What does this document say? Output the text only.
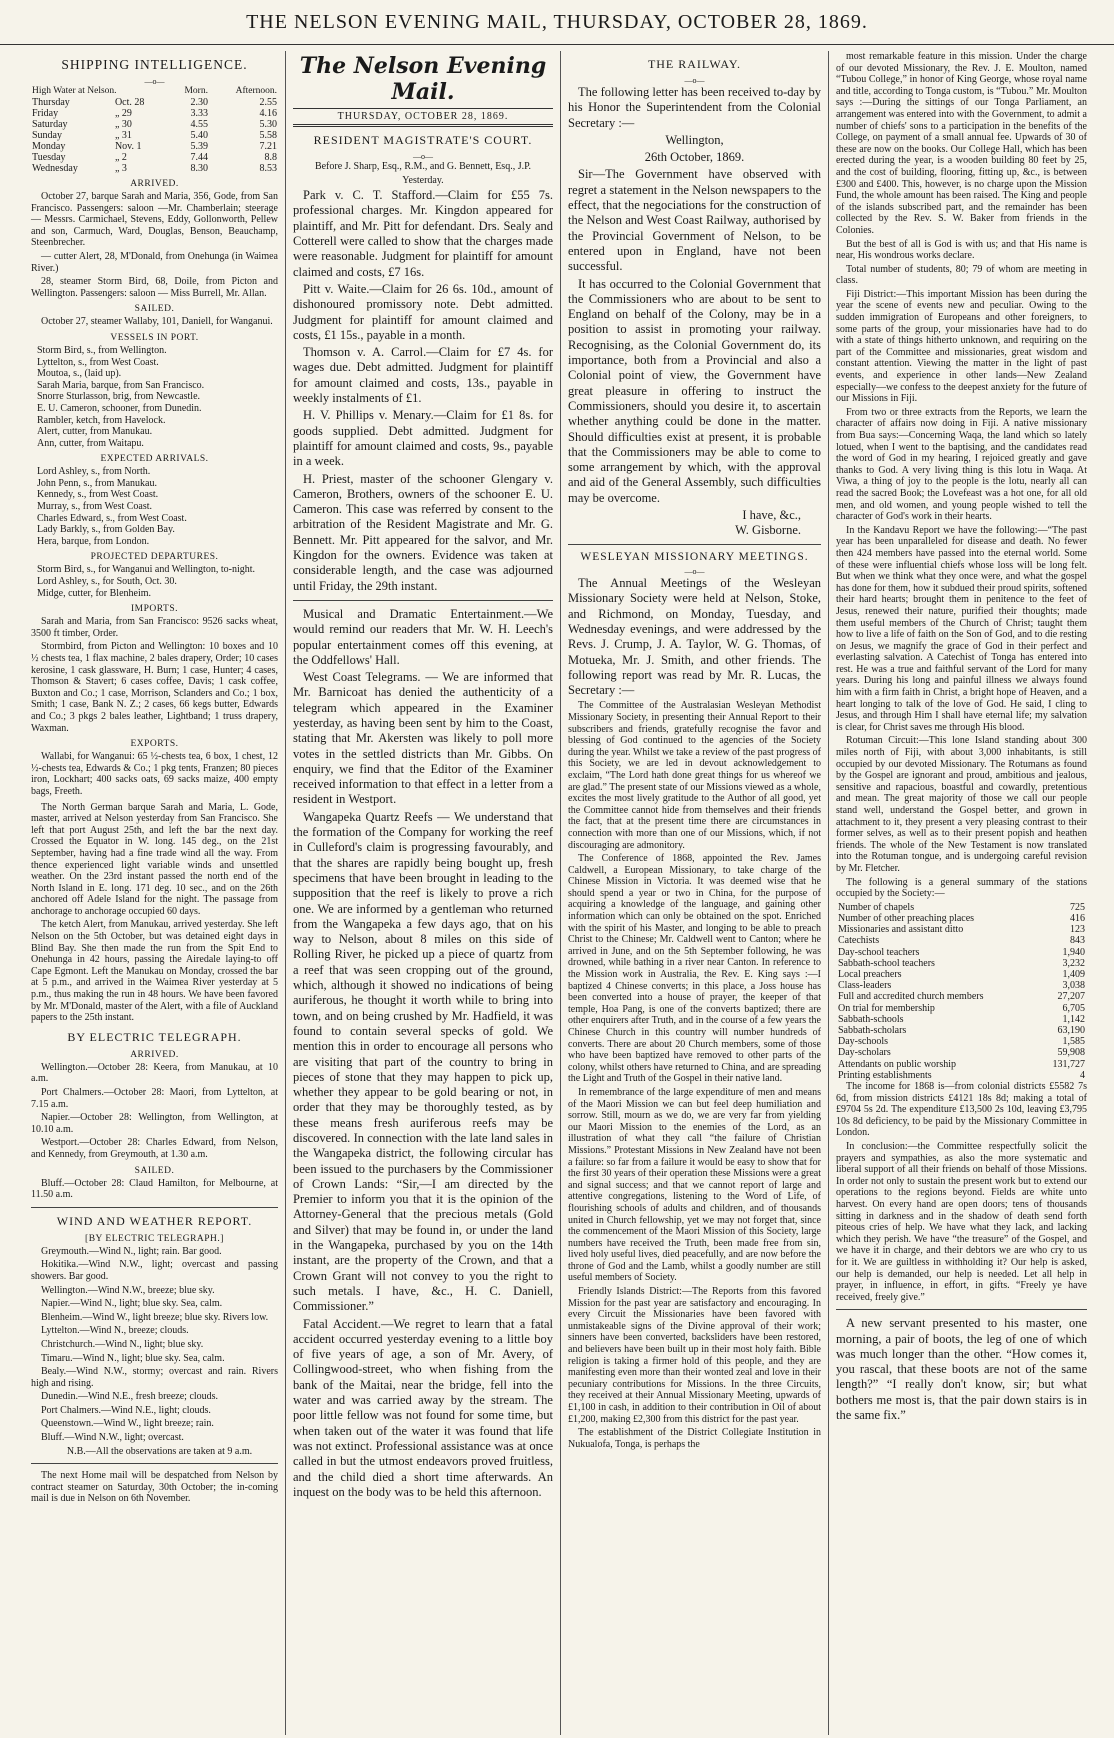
THE NELSON EVENING MAIL, THURSDAY, OCTOBER 28, 1869.
SHIPPING INTELLIGENCE.
—o—
High Water at Nelson.		Morn.	Afternoon.
Thursday	Oct. 28	2.30	2.55
Friday	„ 29	3.33	4.16
Saturday	„ 30	4.55	5.30
Sunday	„ 31	5.40	5.58
Monday	Nov. 1	5.39	7.21
Tuesday	„ 2	7.44	8.8
Wednesday	„ 3	8.30	8.53
ARRIVED.

October 27, barque Sarah and Maria, 356, Gode, from San Francisco. Passengers: saloon —Mr. Chamberlain; steerage — Messrs. Carmichael, Stevens, Eddy, Gollonworth, Pellew and son, Carmuch, Ward, Douglas, Benson, Beauchamp, Steenbrecher.

— cutter Alert, 28, M'Donald, from Onehunga (in Waimea River.)

28, steamer Storm Bird, 68, Doile, from Picton and Wellington. Passengers: saloon — Miss Burrell, Mr. Allan.

SAILED.

October 27, steamer Wallaby, 101, Daniell, for Wanganui.

VESSELS IN PORT.
Storm Bird, s., from Wellington.
Lyttelton, s., from West Coast.
Moutoa, s., (laid up).
Sarah Maria, barque, from San Francisco.
Snorre Sturlasson, brig, from Newcastle.
E. U. Cameron, schooner, from Dunedin.
Rambler, ketch, from Havelock.
Alert, cutter, from Manukau.
Ann, cutter, from Waitapu.
EXPECTED ARRIVALS.
Lord Ashley, s., from North.
John Penn, s., from Manukau.
Kennedy, s., from West Coast.
Murray, s., from West Coast.
Charles Edward, s., from West Coast.
Lady Barkly, s., from Golden Bay.
Hera, barque, from London.
PROJECTED DEPARTURES.
Storm Bird, s., for Wanganui and Wellington, to-night.
Lord Ashley, s., for South, Oct. 30.
Midge, cutter, for Blenheim.
IMPORTS.

Sarah and Maria, from San Francisco: 9526 sacks wheat, 3500 ft timber, Order.

Stormbird, from Picton and Wellington: 10 boxes and 10 ½ chests tea, 1 flax machine, 2 bales drapery, Order; 10 cases kerosine, 1 cask glassware, H. Burn; 1 case, Hunter; 4 cases, Thomson & Stavert; 6 cases coffee, Davis; 1 cask coffee, Buxton and Co.; 1 case, Morrison, Sclanders and Co.; 1 box, Smith; 1 case, Bank N. Z.; 2 cases, 66 kegs butter, Edwards and Co.; 3 pkgs 2 bales leather, Lightband; 1 truss drapery, Waxman.

EXPORTS.

Wallabi, for Wanganui: 65 ½-chests tea, 6 box, 1 chest, 12 ½-chests tea, Edwards & Co.; 1 pkg tents, Franzen; 80 pieces iron, Lockhart; 400 sacks oats, 69 sacks maize, 400 empty bags, Freeth.

The North German barque Sarah and Maria, L. Gode, master, arrived at Nelson yesterday from San Francisco. She left that port August 25th, and left the bar the next day. Crossed the Equator in W. long. 145 deg., on the 21st September, having had a fine trade wind all the way. From thence experienced light variable winds and unsettled weather. On the 23rd instant passed the north end of the North Island in E. long. 171 deg. 10 sec., and on the 26th anchored off Adele Island for the night. The passage from anchorage to anchorage occupied 60 days.

The ketch Alert, from Manukau, arrived yesterday. She left Nelson on the 5th October, but was detained eight days in Blind Bay. She then made the run from the Spit End to Onehunga in 42 hours, passing the Airedale laying-to off Cape Egmont. Left the Manukau on Monday, crossed the bar at 5 p.m., and arrived in the Waimea River yesterday at 5 p.m., thus making the run in 48 hours. We have been favored by Mr. M'Donald, master of the Alert, with a file of Auckland papers to the 25th instant.

BY ELECTRIC TELEGRAPH.
ARRIVED.

Wellington.—October 28: Keera, from Manukau, at 10 a.m.

Port Chalmers.—October 28: Maori, from Lyttelton, at 7.15 a.m.

Napier.—October 28: Wellington, from Wellington, at 10.10 a.m.

Westport.—October 28: Charles Edward, from Nelson, and Kennedy, from Greymouth, at 1.30 a.m.

SAILED.

Bluff.—October 28: Claud Hamilton, for Melbourne, at 11.50 a.m.

WIND AND WEATHER REPORT.
[BY ELECTRIC TELEGRAPH.]

Greymouth.—Wind N., light; rain. Bar good.

Hokitika.—Wind N.W., light; overcast and passing showers. Bar good.

Wellington.—Wind N.W., breeze; blue sky.

Napier.—Wind N., light; blue sky. Sea, calm.

Blenheim.—Wind W., light breeze; blue sky. Rivers low.

Lyttelton.—Wind N., breeze; clouds.

Christchurch.—Wind N., light; blue sky.

Timaru.—Wind N., light; blue sky. Sea, calm.

Bealy.—Wind N.W., stormy; overcast and rain. Rivers high and rising.

Dunedin.—Wind N.E., fresh breeze; clouds.

Port Chalmers.—Wind N.E., light; clouds.

Queenstown.—Wind W., light breeze; rain.

Bluff.—Wind N.W., light; overcast.

N.B.—All the observations are taken at 9 a.m.

The next Home mail will be despatched from Nelson by contract steamer on Saturday, 30th October; the in-coming mail is due in Nelson on 6th November.

The Nelson Evening Mail.
THURSDAY, OCTOBER 28, 1869.
RESIDENT MAGISTRATE'S COURT.
—o—

Before J. Sharp, Esq., R.M., and G. Bennett, Esq., J.P.

Yesterday.

Park v. C. T. Stafford.—Claim for £55 7s. professional charges. Mr. Kingdon appeared for plaintiff, and Mr. Pitt for defendant. Drs. Sealy and Cotterell were called to show that the charges made were reasonable. Judgment for plaintiff for amount claimed and costs, £7 16s.

Pitt v. Waite.—Claim for 26 6s. 10d., amount of dishonoured promissory note. Debt admitted. Judgment for plaintiff for amount claimed and costs, £1 15s., payable in a month.

Thomson v. A. Carrol.—Claim for £7 4s. for wages due. Debt admitted. Judgment for plaintiff for amount claimed and costs, 13s., payable in weekly instalments of £1.

H. V. Phillips v. Menary.—Claim for £1 8s. for goods supplied. Debt admitted. Judgment for plaintiff for amount claimed and costs, 9s., payable in a week.

H. Priest, master of the schooner Glengary v. Cameron, Brothers, owners of the schooner E. U. Cameron. This case was referred by consent to the arbitration of the Resident Magistrate and Mr. G. Bennett. Mr. Pitt appeared for the salvor, and Mr. Kingdon for the owners. Evidence was taken at considerable length, and the case was adjourned until Friday, the 29th instant.

Musical and Dramatic Entertainment.—We would remind our readers that Mr. W. H. Leech's popular entertainment comes off this evening, at the Oddfellows' Hall.

West Coast Telegrams. — We are informed that Mr. Barnicoat has denied the authenticity of a telegram which appeared in the Examiner yesterday, as having been sent by him to the Coast, stating that Mr. Akersten was likely to poll more votes in the settled districts than Mr. Gibbs. On enquiry, we find that the Editor of the Examiner received information to that effect in a letter from a resident in Westport.

Wangapeka Quartz Reefs — We understand that the formation of the Company for working the reef in Culleford's claim is progressing favourably, and that the shares are rapidly being bought up, fresh specimens that have been brought in leading to the supposition that the reef is likely to prove a rich one. We are informed by a gentleman who returned from the Wangapeka a few days ago, that on his way to Nelson, about 8 miles on this side of Rolling River, he picked up a piece of quartz from a reef that was seen cropping out of the ground, which, although it showed no indications of being auriferous, he thought it worth while to bring into town, and on being crushed by Mr. Hadfield, it was found to contain several specks of gold. We mention this in order to encourage all persons who are visiting that part of the country to bring in pieces of stone that they may happen to pick up, whether they appear to be gold bearing or not, in order that they may be thoroughly tested, as by these means fresh auriferous reefs may be discovered. In connection with the late land sales in the Wangapeka district, the following circular has been issued to the purchasers by the Commissioner of Crown Lands: “Sir,—I am directed by the Premier to inform you that it is the opinion of the Attorney-General that the precious metals (Gold and Silver) that may be found in, or under the land in the Wangapeka, purchased by you on the 14th instant, are the property of the Crown, and that a Crown Grant will not convey to you the right to such metals. I have, &c., H. C. Daniell, Commissioner.”

Fatal Accident.—We regret to learn that a fatal accident occurred yesterday evening to a little boy of five years of age, a son of Mr. Avery, of Collingwood-street, who when fishing from the bank of the Maitai, near the bridge, fell into the water and was carried away by the stream. The poor little fellow was not found for some time, but when taken out of the water it was found that life was not extinct. Professional assistance was at once called in but the utmost endeavors proved fruitless, and the child died a short time afterwards. An inquest on the body was to be held this afternoon.

THE RAILWAY.
—o—

The following letter has been received to-day by his Honor the Superintendent from the Colonial Secretary :—

Wellington,

26th October, 1869.

Sir—The Government have observed with regret a statement in the Nelson newspapers to the effect, that the negociations for the construction of the Nelson and West Coast Railway, authorised by the Provincial Government of Nelson, to be entered upon in England, have not been successful.

It has occurred to the Colonial Government that the Commissioners who are about to be sent to England on behalf of the Colony, may be in a position to assist in promoting your railway. Recognising, as the Colonial Government do, its importance, both from a Provincial and also a Colonial point of view, the Government have great pleasure in offering to instruct the Commissioners, should you desire it, to ascertain whether anything could be done in the matter. Should difficulties exist at present, it is probable that the Commissioners may be able to come to some arrangement by which, with the approval and aid of the General Assembly, such difficulties may be overcome.

I have, &c.,
W. Gisborne.
WESLEYAN MISSIONARY MEETINGS.
—o—

The Annual Meetings of the Wesleyan Missionary Society were held at Nelson, Stoke, and Richmond, on Monday, Tuesday, and Wednesday evenings, and were addressed by the Revs. J. Crump, J. A. Taylor, W. G. Thomas, of Motueka, Mr. J. Smith, and other friends. The following report was read by Mr. R. Lucas, the Secretary :—

The Committee of the Australasian Wesleyan Methodist Missionary Society, in presenting their Annual Report to their subscribers and friends, gratefully recognise the favor and blessing of God continued to the agencies of the Society during the year. Whilst we take a review of the past progress of this Society, we are led in devout acknowledgement to exclaim, “The Lord hath done great things for us whereof we are glad.” The present state of our Missions viewed as a whole, excites the most lively gratitude to the Author of all good, yet the Committee cannot hide from themselves and their friends the fact, that at the present time there are circumstances in connection with more than one of our Missions, which, if not discouraging are admonitory.

The Conference of 1868, appointed the Rev. James Caldwell, a European Missionary, to take charge of the Chinese Mission in Victoria. It was deemed wise that he should spend a year or two in China, for the purpose of acquiring a knowledge of the language, and gaining other information which can only be obtained on the spot. Enriched with the spirit of his Master, and longing to be able to preach Christ to the Chinese; Mr. Caldwell went to Canton; where he arrived in June, and on the 5th September following, he was drowned, while bathing in a river near Canton. In reference to the Mission work in Australia, the Rev. E. King says :—I baptized 4 Chinese converts; in this place, a Joss house has been converted into a house of prayer, the keeper of that temple, Hoa Pang, is one of the converts baptized; there are other enquirers after Truth, and in the course of a few years the Chinese Church in this country will number hundreds of converts. There are about 20 Church members, some of those who have been baptized have removed to other parts of the colony, whilst others have returned to China, and are spreading the Light and Truth of the Gospel in their native land.

In remembrance of the large expenditure of men and means of the Maori Mission we can but feel deep humiliation and sorrow. Still, mourn as we do, we are very far from yielding our Maori Mission to the enemies of the Lord, as an illustration of what they call “the failure of Christian Missions.” Protestant Missions in New Zealand have not been a failure: so far from a failure it would be easy to show that for the first 30 years of their operation these Missions were a great and signal success; and that we cannot report of large and attentive congregations, listening to the Word of Life, of flourishing schools of adults and children, and of thousands united in Church fellowship, yet we may not forget that, since the commencement of the Maori Mission of this Society, large numbers have received the Truth, been made free from sin, lived holy useful lives, died peacefully, and are now before the throne of God and the Lamb, whilst a goodly number are still useful members of Society.

Friendly Islands District:—The Reports from this favored Mission for the past year are satisfactory and encouraging. In every Circuit the Missionaries have been favored with unmistakeable signs of the Divine approval of their work; sinners have been converted, backsliders have been restored, and believers have been built up in their most holy faith. Bible religion is taking a firmer hold of this people, and they are manifesting even more than their wonted zeal and love in their pecuniary contributions for Missions. In the three Circuits, they received at their Annual Missionary Meeting, upwards of £1,100 in cash, in addition to their contribution in Oil of about £1,200, making £2,300 from this district for the past year.

The establishment of the District Collegiate Institution in Nukualofa, Tonga, is perhaps the

most remarkable feature in this mission. Under the charge of our devoted Missionary, the Rev. J. E. Moulton, named “Tubou College,” in honor of King George, whose royal name and title, according to Tonga custom, is “Tubou.” Mr. Moulton says :—During the sittings of our Tonga Parliament, an arrangement was entered into with the Government, to admit a number of chiefs' sons to a participation in the benefits of the College, on payment of a small annual fee. Upwards of 30 of these are now on the books. Our College Hall, which has been erected during the year, is a wooden building 80 feet by 25, and the cost of building, flooring, fitting up, &c., is between £300 and £400. This, however, is no charge upon the Mission Fund, the whole amount has been raised. The King and people of the islands subscribed part, and the remainder has been collected by the Rev. S. W. Baker from friends in the Colonies.

But the best of all is God is with us; and that His name is near, His wondrous works declare.

Total number of students, 80; 79 of whom are meeting in class.

Fiji District:—This important Mission has been during the year the scene of events new and peculiar. Owing to the sudden immigration of Europeans and other foreigners, to some parts of the group, your missionaries have had to do with a state of things hitherto unknown, and requiring on the part of the Committee and missionaries, great wisdom and constant attention. Viewing the matter in the light of past events, and experience in other lands—New Zealand especially—we confess to the deepest anxiety for the future of our Missions in Fiji.

From two or three extracts from the Reports, we learn the character of affairs now doing in Fiji. A native missionary from Bua says:—Concerning Waqa, the land which so lately lotued, when I went to the baptising, and the candidates read the word of God in my hearing, I rejoiced greatly and gave thanks to God. A very living thing is this lotu in Waqa. At Viwa, a thing of joy to the people is the lotu, nearly all can read the sacred Book; the Lovefeast was a hot one, for all old men, and old women, and young people wished to tell the character of God's work in their hearts.

In the Kandavu Report we have the following:—“The past year has been unparalleled for disease and death. No fewer then 424 members have passed into the eternal world. Some of these were influential chiefs whose loss will be long felt. But when we think what they once were, and what the gospel has done for them, how it subdued their proud spirits, softened their hard hearts; brought them in penitence to the feet of Jesus, renewed their nature, purified their thoughts; made them useful members of the Church of Christ; taught them how to live a life of faith on the Son of God, and to die resting on Jesus, we magnify the grace of God in their perfect and everlasting salvation. A Catechist of Tonga has entered into rest. He was a true and faithful servant of the Lord for many years. During his long and painful illness we always found him with a firm faith in Christ, a bright hope of Heaven, and a heart longing to talk of the love of God. He said, I cling to Jesus, and through Him I shall have eternal life; my salvation is clear, for Christ saves me through His blood.

Rotuman Circuit:—This lone Island standing about 300 miles north of Fiji, with about 3,000 inhabitants, is still occupied by our devoted Missionary. The Rotumans as found by the Gospel are ignorant and proud, ambitious and jealous, sensitive and rapacious, boastful and cowardly, pretentious and mean. The great majority of those we call our people stand well, understand the Gospel better, and grown in attachment to it, they present a very pleasing contrast to their former selves, as well as to their present popish and heathen friends. The whole of the New Testament is now translated into the Rotuman tongue, and is undergoing careful revision by Mr. Fletcher.

The following is a general summary of the stations occupied by the Society:—

Number of chapels	725
Number of other preaching places	416
Missionaries and assistant ditto	123
Catechists	843
Day-school teachers	1,940
Sabbath-school teachers	3,232
Local preachers	1,409
Class-leaders	3,038
Full and accredited church members	27,207
On trial for membership	6,705
Sabbath-schools	1,142
Sabbath-scholars	63,190
Day-schools	1,585
Day-scholars	59,908
Attendants on public worship	131,727
Printing establishments	4

The income for 1868 is—from colonial districts £5582 7s 6d, from mission districts £4121 18s 8d; making a total of £9704 5s 2d. The expenditure £13,500 2s 10d, leaving £3,795 10s 8d deficiency, to be paid by the Missionary Committee in London.

In conclusion:—the Committee respectfully solicit the prayers and sympathies, as also the more systematic and liberal support of all their friends on behalf of those Missions. In order not only to sustain the present work but to extend our operations to the regions beyond. Fields are white unto harvest. On every hand are open doors; tens of thousands sitting in darkness and in the shadow of death send forth piteous cries of help. We have what they lack, and lacking which they perish. We have “the treasure” of the Gospel, and we have it in charge, and their debtors we are who cry to us for it. We are guiltless in withholding it? Our help is asked, our help is demanded, our help is needed. Let all help in prayer, in influence, in effort, in gifts. “Freely ye have received, freely give.”

A new servant presented to his master, one morning, a pair of boots, the leg of one of which was much longer than the other. “How comes it, you rascal, that these boots are not of the same length?” “I really don't know, sir; but what bothers me most is, that the pair down stairs is in the same fix.”
